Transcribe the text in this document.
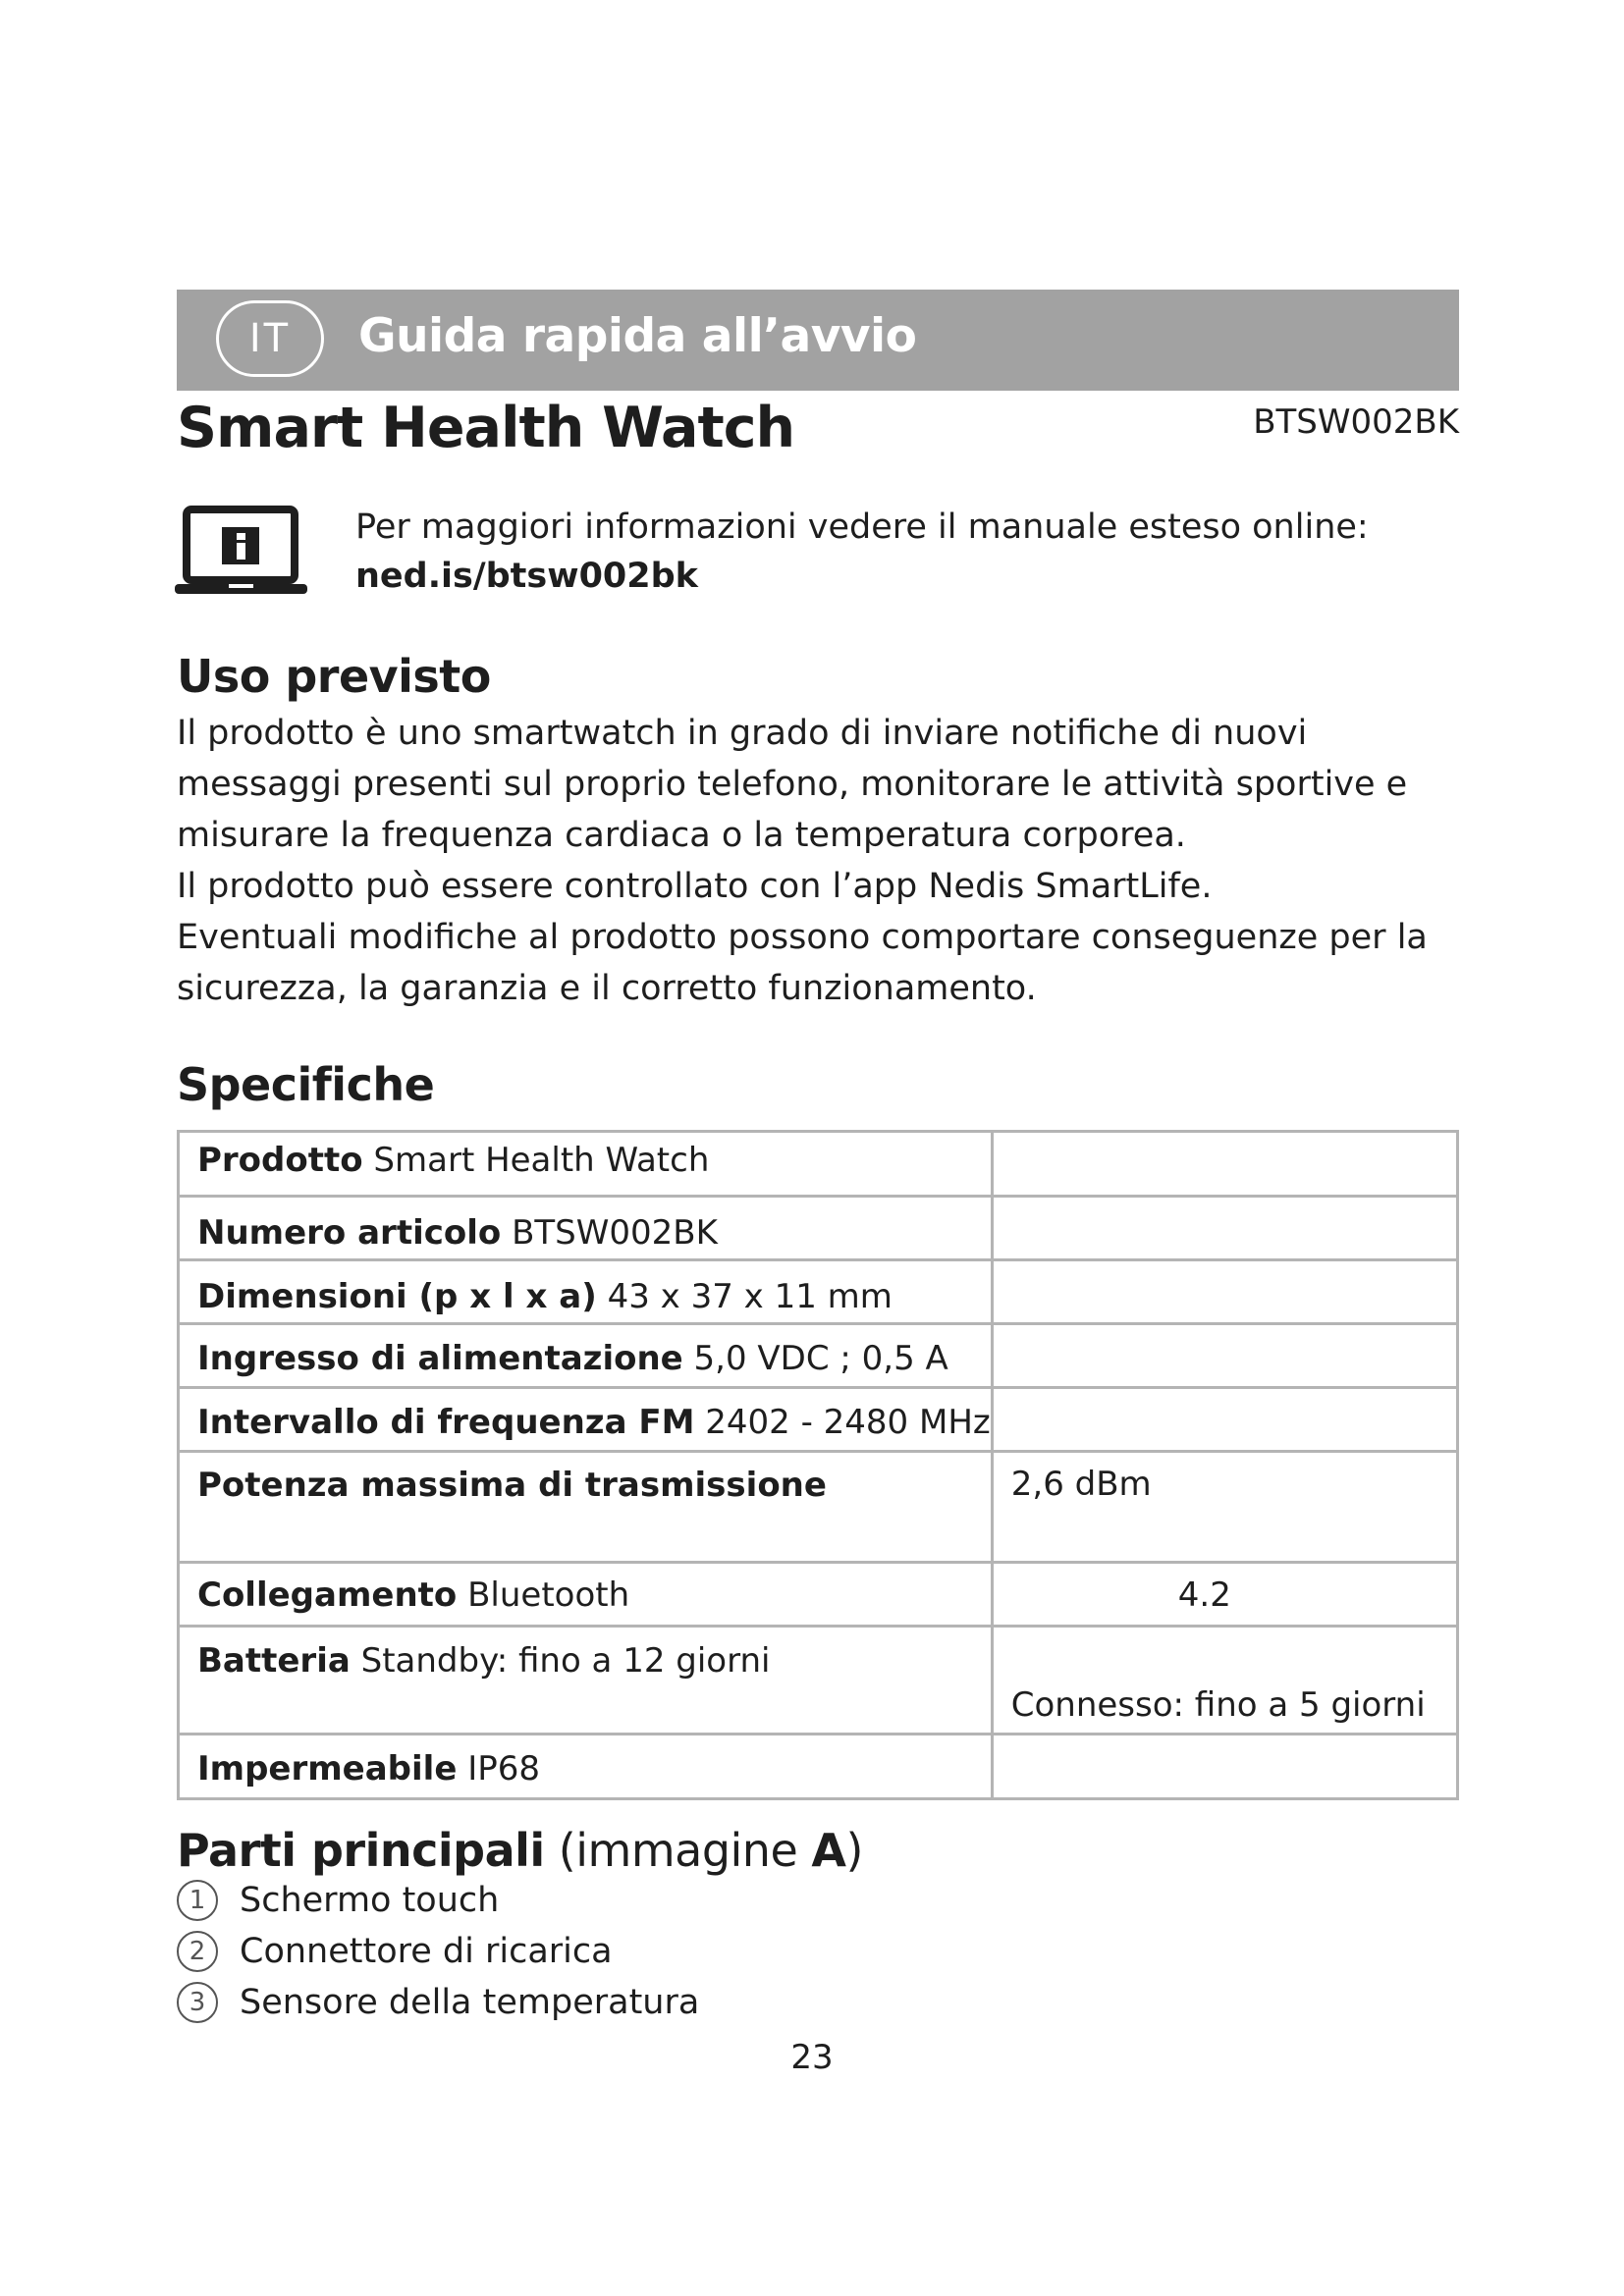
IT	Guida rapida all’avvio
Smart Health Watch	BTSW002BK
Per maggiori informazioni vedere il manuale esteso online:
ned.is/btsw002bk
Uso previsto

Il prodotto è uno smartwatch in grado di inviare notifiche di nuovi messaggi presenti sul proprio telefono, monitorare le attività sportive e misurare la frequenza cardiaca o la temperatura corporea.

Il prodotto può essere controllato con l’app Nedis SmartLife.

Eventuali modifiche al prodotto possono comportare conseguenze per la sicurezza, la garanzia e il corretto funzionamento.

Specifiche
Prodotto Smart Health Watch	
Numero articolo BTSW002BK	
Dimensioni (p x l x a) 43 x 37 x 11 mm	
Ingresso di alimentazione 5,0 VDC ; 0,5 A	
Intervallo di frequenza FM 2402 - 2480 MHz	
Potenza massima di trasmissione	2,6 dBm
Collegamento Bluetooth	4.2
Batteria Standby: fino a 12 giorni	Connesso: fino a 5 giorni
Impermeabile IP68	
Parti principali (immagine A)
1 Schermo touch
2 Connettore di ricarica
3 Sensore della temperatura
23
